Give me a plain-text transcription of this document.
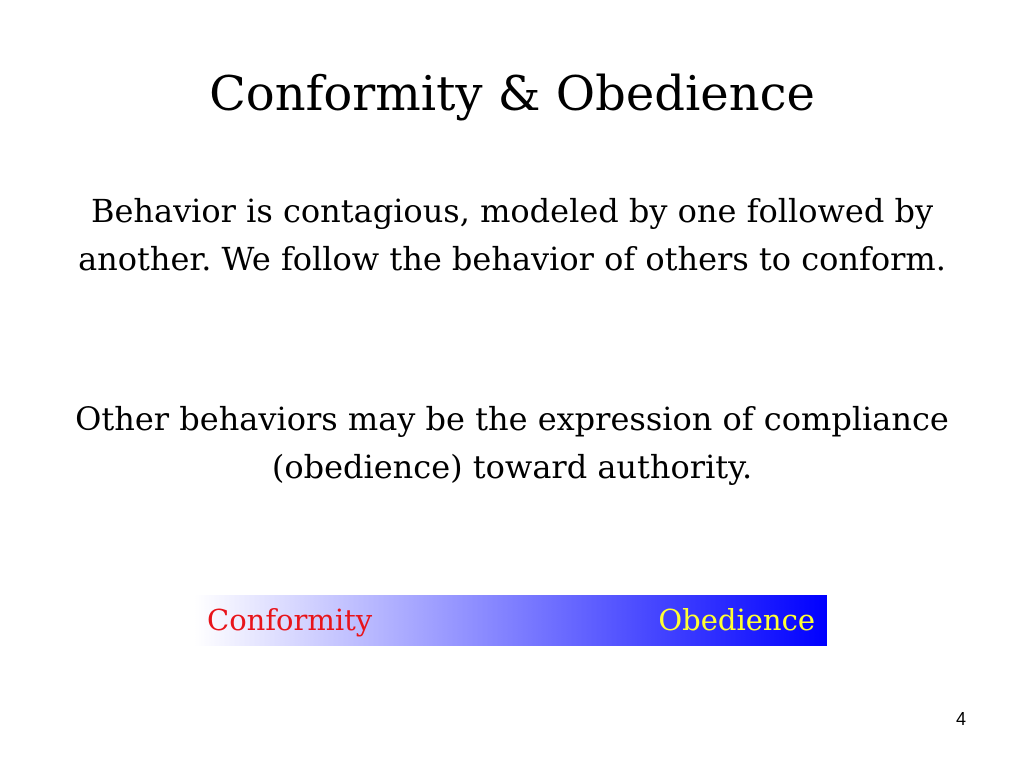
Conformity & Obedience
Behavior is contagious, modeled by one followed by another. We follow the behavior of others to conform.
Other behaviors may be the expression of compliance (obedience) toward authority.
Conformity	Obedience
4
